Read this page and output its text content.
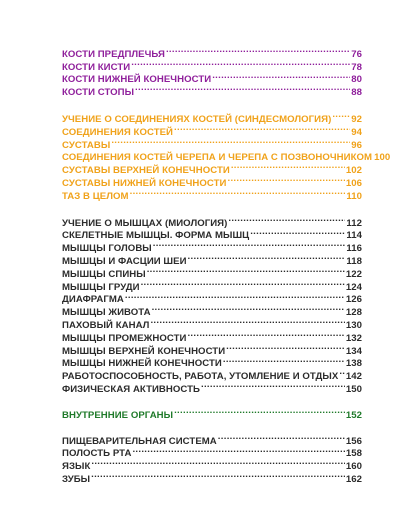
КОСТИ ПРЕДПЛЕЧЬЯ .....	76
КОСТИ КИСТИ .....	78
КОСТИ НИЖНЕЙ КОНЕЧНОСТИ .....	80
КОСТИ СТОПЫ .....	88
УЧЕНИЕ О СОЕДИНЕНИЯХ КОСТЕЙ (СИНДЕСМОЛОГИЯ) ..... 92
СОЕДИНЕНИЯ КОСТЕЙ .....	94
СУСТАВЫ .....	96
СОЕДИНЕНИЯ КОСТЕЙ ЧЕРЕПА И ЧЕРЕПА С ПОЗВОНОЧНИКОМ 100
СУСТАВЫ ВЕРХНЕЙ КОНЕЧНОСТИ .....	102
СУСТАВЫ НИЖНЕЙ КОНЕЧНОСТИ .....	106
ТАЗ В ЦЕЛОМ .....	110
УЧЕНИЕ О МЫШЦАХ (МИОЛОГИЯ) .....	112
СКЕЛЕТНЫЕ МЫШЦЫ. ФОРМА МЫШЦ .....	114
МЫШЦЫ ГОЛОВЫ .....	116
МЫШЦЫ И ФАСЦИИ ШЕИ .....	118
МЫШЦЫ СПИНЫ .....	122
МЫШЦЫ ГРУДИ .....	124
ДИАФРАГМА .....	126
МЫШЦЫ ЖИВОТА .....	128
ПАХОВЫЙ КАНАЛ .....	130
МЫШЦЫ ПРОМЕЖНОСТИ .....	132
МЫШЦЫ ВЕРХНЕЙ КОНЕЧНОСТИ .....	134
МЫШЦЫ НИЖНЕЙ КОНЕЧНОСТИ .....	138
РАБОТОСПОСОБНОСТЬ, РАБОТА, УТОМЛЕНИЕ И ОТДЫХ ..... 142
ФИЗИЧЕСКАЯ АКТИВНОСТЬ .....	150
ВНУТРЕННИЕ ОРГАНЫ .....	152
ПИЩЕВАРИТЕЛЬНАЯ СИСТЕМА .....	156
ПОЛОСТЬ РТА .....	158
ЯЗЫК .....	160
ЗУБЫ .....	162
